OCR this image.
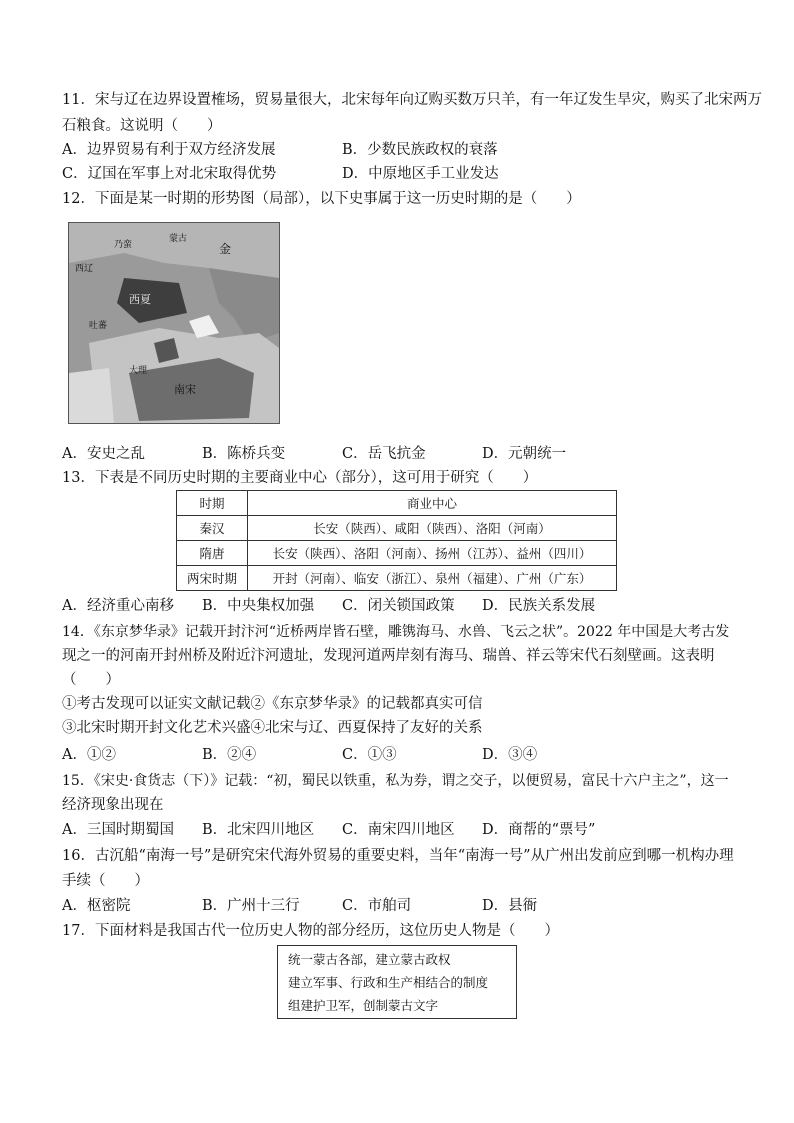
11．宋与辽在边界设置榷场，贸易量很大，北宋每年向辽购买数万只羊，有一年辽发生旱灾，购买了北宋两万
石粮食。这说明（　　）
A．边界贸易有利于双方经济发展	B．少数民族政权的衰落
C．辽国在军事上对北宋取得优势	D．中原地区手工业发达
12．下面是某一时期的形势图（局部），以下史事属于这一历史时期的是（　　）
金
西夏
南宋
大理
吐蕃
西辽
乃蛮
蒙古
A．安史之乱	B．陈桥兵变	C．岳飞抗金	D．元朝统一
13．下表是不同历史时期的主要商业中心（部分），这可用于研究（　　）
时期	商业中心
秦汉	长安（陕西）、咸阳（陕西）、洛阳（河南）
隋唐	长安（陕西）、洛阳（河南）、扬州（江苏）、益州（四川）
两宋时期	开封（河南）、临安（浙江）、泉州（福建）、广州（广东）
A．经济重心南移 B．中央集权加强 C．闭关锁国政策 D．民族关系发展
14．《东京梦华录》记载开封汴河“近桥两岸皆石壁，雕镌海马、水兽、飞云之状”。2022 年中国是大考古发
现之一的河南开封州桥及附近汴河遗址，发现河道两岸刻有海马、瑞兽、祥云等宋代石刻壁画。这表明
（　　）
①考古发现可以证实文献记载②《东京梦华录》的记载都真实可信
③北宋时期开封文化艺术兴盛④北宋与辽、西夏保持了友好的关系
A．①②	B．②④	C．①③	D．③④
15．《宋史·食货志（下）》记载：“初，蜀民以铁重，私为券，谓之交子，以便贸易，富民十六户主之”，这一
经济现象出现在
A．三国时期蜀国 B．北宋四川地区 C．南宋四川地区 D．商帮的“票号”
16．古沉船“南海一号”是研究宋代海外贸易的重要史料，当年“南海一号”从广州出发前应到哪一机构办理
手续（　　）
A．枢密院	B．广州十三行	C．市舶司	D．县衙
17．下面材料是我国古代一位历史人物的部分经历，这位历史人物是（　　）
统一蒙古各部，建立蒙古政权
建立军事、行政和生产相结合的制度
组建护卫军，创制蒙古文字
